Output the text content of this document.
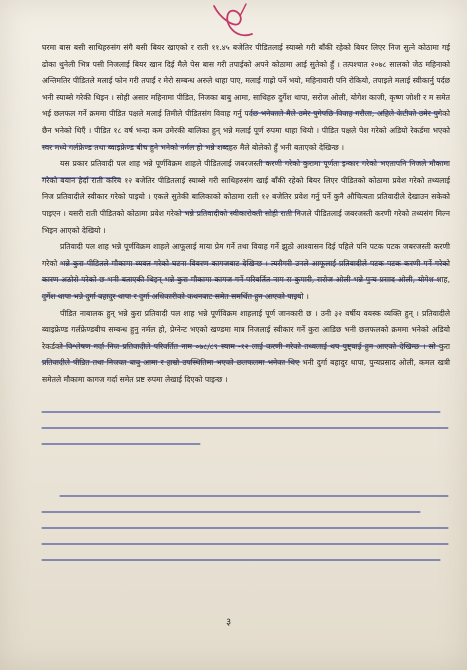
घरमा बास बसी साथिहरुसंग संगै बसी बियर खाएको र राती ११.४५ बजेतिर पीडितलाई स्याब्से गरी बाँकी रहेको बियर लिएर निज सुत्ने कोठामा गई ढोका थुनेली भित्र पसी निजलाई बियर खान दिई मैले पेस बास गरी तपाईको अपने कोठामा आई सुतेको हुँ । तत्पश्चात २०७८ सालको जेठ महिनाको अन्तिमतिर पीडितले मलाई फोन गरी तपाईं र मेरो सम्बन्ध अरुले थाहा पाए, मलाई गाह्रो पर्ने भयो, महिनावारी पनि रोकियो, तपाइले मलाई स्वीकार्नु पर्दछ भनी स्याब्से गरेकी थिइन । सोही असार महिनामा पीडित, निजका बाबु आमा, साथिहरु दुर्गेश थापा, सरोज ओली, योगेश काजी, कृष्ण जोशी र म समेत भई छलफल गर्ने क्रममा पीडित पक्षले मलाई तिमीले पीडितसंग विवाह गर्नु पर्दछ भनेकाले मैले उमेर पुगेपछि विवाह गरौला, अहिले केटीको उमेर पुगेको छैन भनेको थिएँ । पीडित १८ वर्ष भन्दा कम उमेरकी बालिका हुन् भन्ने मलाई पूर्ण रुपमा थाहा थियो । पीडित पक्षले पेश गरेको अडियो रेकर्डमा भएको स्वर मध्ये गर्लफ्रेण्ड तथा ब्वाइफ्रेण्ड बीच हुने भनेको नर्मल हो भन्ने शब्दहरु मैले बोलेको हुँ भनी बताएको देखिन्छ ।

यस प्रकार प्रतिवादी पल शाह भन्ने पूर्णविक्रम शाहले पीडितलाई जबरजस्ती करणी गरेको कुरामा पूर्णतः इन्कार गरेको भएतापनि निजले मौकामा गरेको बयान हेर्दा राती करिब १२ बजेतिर पीडितलाई स्याब्से गरी साथिहरुसंग खाई बाँकी रहेको बियर लिएर पीडितको कोठामा प्रवेश गरेको तथ्यलाई निज प्रतिवादीले स्वीकार गरेको पाइयो । एकले सुतेकी बालिकाको कोठामा राती १२ बजेतिर प्रवेश गर्नु पर्ने कुनै औचित्यता प्रतिवादीले देखाउन सकेको पाइएन । यसरी राती पीडितको कोठामा प्रवेश गरेको भन्ने प्रतिवादीको स्वीकारोक्ती सोही राती निजले पीडितलाई जबरजस्ती करणी गरेको तथ्यसंग मिल्न भिइन आएको देखियो ।

प्रतिवादी पल शाह भन्ने पूर्णविक्रम शाहले आफूलाई माया प्रेम गर्ने तथा विवाह गर्ने झुठो आश्वासन दिई पहिले पनि पटक पटक जबरजस्ती करणी गरेको भन्ने कुरा पीडितले मौकामा व्यक्त गरेको घटना विवरण कागजबाट देखिन्छ । त्यसैगरी उनले आफूलाई प्रतिवादीले पटक पटक करणी गर्ने गरेको कारण अठोरो परेको छ भनी बताएकी थिइन् भन्ने कुरा मौकामा कागज गर्ने परिवर्तित नाम स कुमारी, सरोज ओली भन्ने पुन्य प्रसाद ओली, योगेश शाह, दुर्गेश थापा भन्ने दुर्गा बहादुर थापा र दुर्गा अधिकारीको कथनबाट समेत समर्थित हुन आएको पाइयो ।

पीडित नाबालक हुन् भन्ने कुरा प्रतिवादी पल शाह भन्ने पूर्णविक्रम शाहलाई पूर्ण जानकारी छ । उनी ३२ वर्षीय वयस्क व्यक्ति हुन् । प्रतिवादीले ब्वाइफ्रेण्ड गर्लफ्रेण्डबीच सम्बन्ध हुनु नर्मल हो, प्रेग्नेन्ट भएको खण्डमा मात्र निजलाई स्वीकार गर्ने कुरा आडिछ भनी छलफलको क्रममा भनेको अडियो रेकर्डको विश्लेषण गर्दा निज प्रतिवादीले परिवर्तित नाम ०७८/८९ स्याम -१२ लाई करणी गरेको तथ्यलाई थप पुष्ट्याई हुन आएको देखिन्छ । सो कुरा प्रतिवादीले पीडित तथा निजका बाबु आमा र हाम्रो उपस्थितिमा भएको छलफलमा भनेका थिए भनी दुर्गा बहादुर थापा, पुन्यप्रसाद ओली, कमल खत्री समेतले मौकामा कागज गर्दा समेत प्रष्ट रुपमा लेखाई दिएको पाइन्छ ।

३
